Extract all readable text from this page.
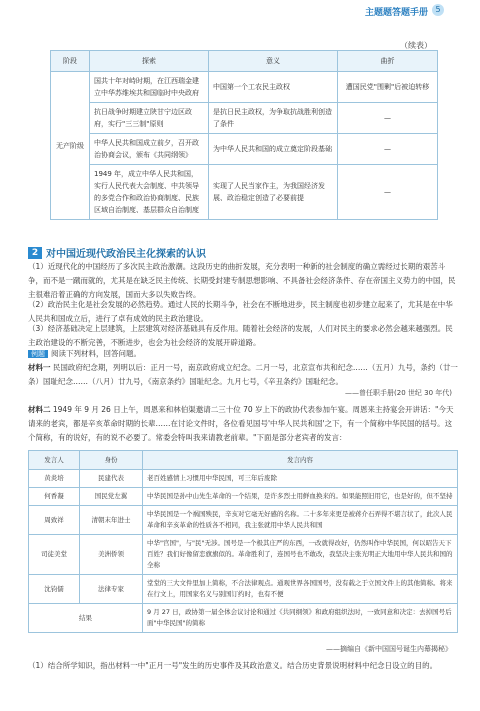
主题题答题手册 5
（续表）
阶段	探索	意义	曲折
无产阶级	国共十年对峙时期，在江西瑞金建立中华苏维埃共和国临时中央政府	中国第一个工农民主政权	遭国民党"围剿"后被迫转移
	抗日战争时期建立陕甘宁边区政府，实行"三三制"原则	是抗日民主政权，为争取抗战胜利创造了条件	—
	中华人民共和国成立前夕，召开政治协商会议，颁布《共同纲领》	为中华人民共和国的成立奠定阶段基础	—
	1949 年，成立中华人民共和国，实行人民代表大会制度、中共领导的多党合作和政治协商制度、民族区域自治制度、基层群众自治制度	实现了人民当家作主，为我国经济发展、政治稳定创造了必要前提	—
2 对中国近现代政治民主化探索的认识
（1）近现代化的中国经历了多次民主政治激潮。这段历史的曲折发展，充分表明一种新的社会制度的确立需经过长期的艰苦斗争，而不是一蹴而就的，尤其是在缺乏民主传统、长期受封建专制思想影响、不具备社会经济条件、存在帝国主义势力的中国，民主很难沿着正确的方向发展，国而大多以失败告终。
（2）政治民主化是社会发展的必然趋势。通过人民的长期斗争，社会在不断地进步，民主制度也初步建立起来了，尤其是在中华人民共和国成立后，进行了卓有成效的民主政治建设。
（3）经济基础决定上层建筑，上层建筑对经济基础具有反作用。随着社会经济的发展，人们对民主的要求必然会越来越强烈。民主政治建设的不断完善，不断进步，也会为社会经济的发展开辟道路。
例题 阅读下列材料，回答问题。
材料一 民国政府纪念期，列明以后：正月一号，南京政府成立纪念。二月一号，北京宣布共和纪念……（五月）九号，条约（廿一条）国耻纪念……（八月）廿九号，《南京条约》国耻纪念。九月七号，《辛丑条约》国耻纪念。
——曾任职手册(20 世纪 30 年代)
材料二 1949 年 9 月 26 日上午，周恩来和林伯渠邀请二三十位 70 岁上下的政协代表参加午宴。周恩来主持宴会开讲话："今天请来的老宾，都是辛亥革命时期的长辈……在讨论文件时，各位看见国号'中华人民共和国'之下，有一个简称中华民国的括号。这个简称，有的说好，有的说不必要了。常委会特叫我来请教老前辈。"下面是部分老宾者的发言：
发言人	身份	发言内容
黄炎培	民建代表	老百姓感情上习惯用中华民国，可三年后废除
何香凝	国民党左翼	中华民国是孙中山先生革命的一个结果，是许多烈士用鲜血换来的。如果能照旧用它，也是好的，但不坚持
周致祥	清朝末年进士	中华民国是一个祸国殃民，辛亥对它毫无好感的名称。二十多年来更是被蒋介石弄得不堪言状了，此次人民革命和辛亥革命的性质各不相同，我主张就用中华人民共和国
司徒美堂	美洲侨领	中华"官国"，与"民"无涉。国号是一个极其庄严的东西，一改就得改好，仍然叫作中华民国，何以昭告天下百姓？我们好像留恋旗旗似的。革命胜利了，连国号也不敢改，我坚决主张光明正大地用中华人民共和国的全称
沈钧儒	法律专家	堂堂的三大文件里加上简称，不合法律观点。通观世界各国国号，没有载之于立国文件上的其他简称。将来在行文上，用国家名义与别国订约时，也有不便
结果		9 月 27 日，政协第一届全体会议讨论和通过《共同纲领》和政府组织法时，一致同意和决定：去掉国号后面"中华民国"的简称
——摘编自《新中国国号诞生内幕揭秘》
（1）结合所学知识，指出材料一中"正月一号"发生的历史事件及其政治意义。结合历史背景说明材料中纪念日设立的目的。
